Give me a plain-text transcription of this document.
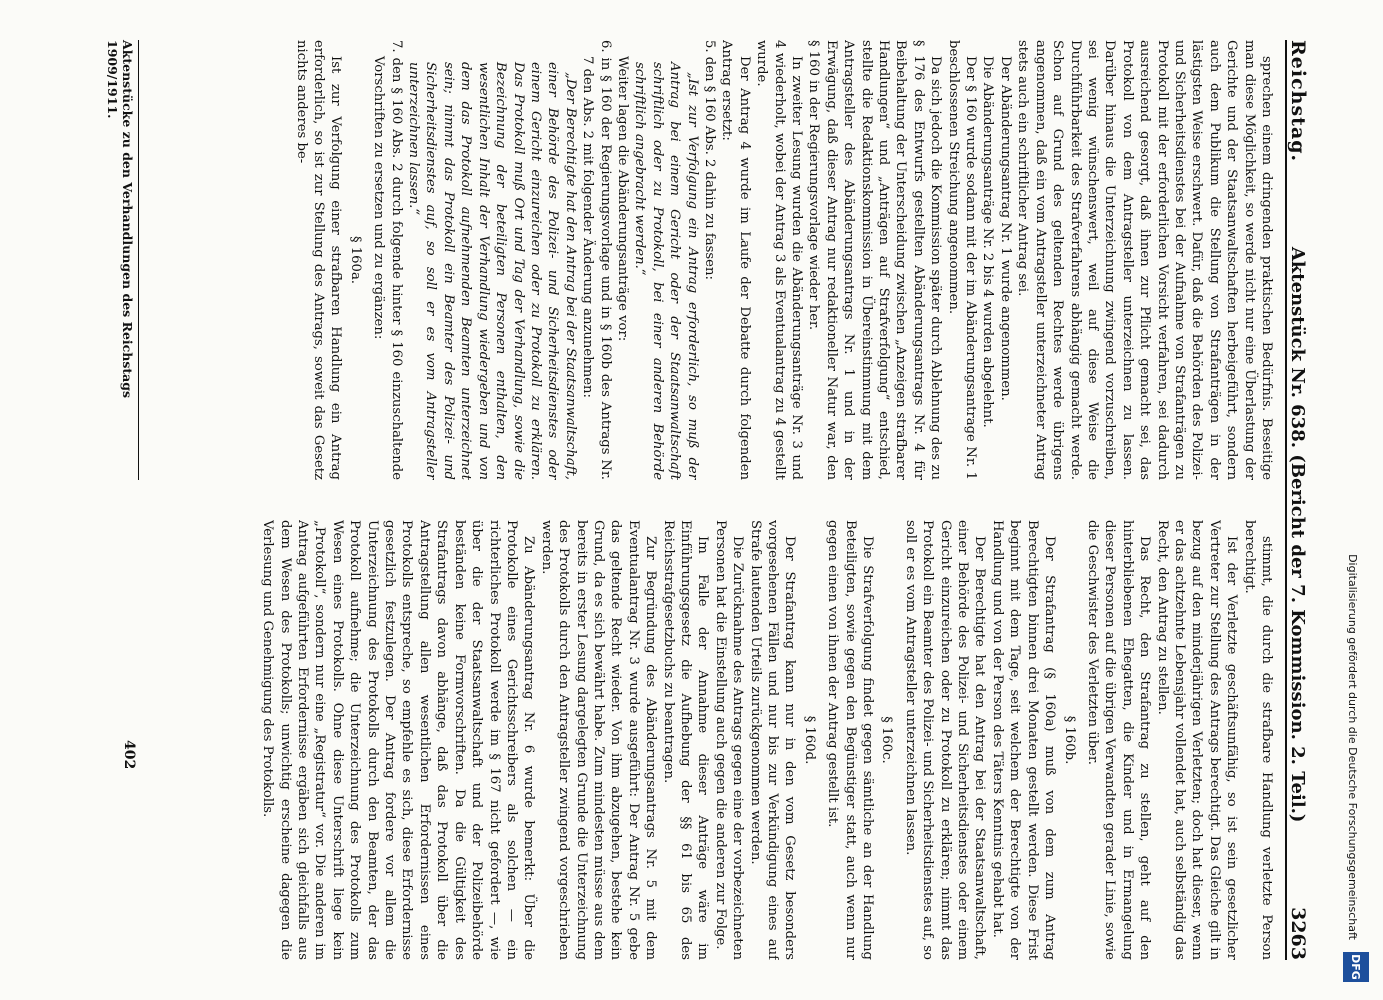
Digitalisierung gefördert durch die Deutsche Forschungsgemeinschaft
DFG
Reichstag.
Aktenstück Nr. 638. (Bericht der 7. Kommission. 2. Teil.)
3263

sprechen einem dringenden praktischen Bedürfnis. Beseitige man diese Möglichkeit, so werde nicht nur eine Überlastung der Gerichte und der Staatsanwaltschaften herbeigeführt, sondern auch dem Publikum die Stellung von Strafanträgen in der lästigsten Weise erschwert. Dafür, daß die Behörden des Polizei- und Sicherheitsdienstes bei der Aufnahme von Strafanträgen zu Protokoll mit der erforderlichen Vorsicht verfahren, sei dadurch ausreichend gesorgt, daß ihnen zur Pflicht gemacht sei, das Protokoll von dem Antragsteller unterzeichnen zu lassen. Darüber hinaus die Unterzeichnung zwingend vorzuschreiben, sei wenig wünschenswert, weil auf diese Weise die Durchführbarkeit des Strafverfahrens abhängig gemacht werde. Schon auf Grund des geltenden Rechtes werde übrigens angenommen, daß ein vom Antragsteller unterzeichneter Antrag stets auch ein schriftlicher Antrag sei.

Der Abänderungsantrag Nr. 1 wurde angenommen.

Die Abänderungsanträge Nr. 2 bis 4 wurden abgelehnt.

Der § 160 wurde sodann mit der im Abänderungsantrage Nr. 1 beschlossenen Streichung angenommen.

Da sich jedoch die Kommission später durch Ablehnung des zu § 176 des Entwurfs gestellten Abänderungsantrags Nr. 4 für Beibehaltung der Unterscheidung zwischen „Anzeigen strafbarer Handlungen“ und „Anträgen auf Strafverfolgung“ entschied, stellte die Redaktionskommission in Übereinstimmung mit dem Antragsteller des Abänderungsantrags Nr. 1 und in der Erwägung, daß dieser Antrag nur redaktioneller Natur war, den § 160 in der Regierungsvorlage wieder her.

In zweiter Lesung wurden die Abänderungsanträge Nr. 3 und 4 wiederholt, wobei der Antrag 3 als Eventualantrag zu 4 gestellt wurde.

Der Antrag 4 wurde im Laufe der Debatte durch folgenden Antrag ersetzt:

5. den § 160 Abs. 2 dahin zu fassen:

„Ist zur Verfolgung ein Antrag erforderlich, so muß der Antrag bei einem Gericht oder der Staatsanwaltschaft schriftlich oder zu Protokoll, bei einer anderen Behörde schriftlich angebracht werden.“

Weiter lagen die Abänderungsanträge vor:

6. in § 160 der Regierungsvorlage und in § 160b des Antrags Nr. 7 den Abs. 2 mit folgender Änderung anzunehmen:

„Der Berechtigte hat den Antrag bei der Staatsanwaltschaft, einer Behörde des Polizei- und Sicherheitsdienstes oder einem Gericht einzureichen oder zu Protokoll zu erklären. Das Protokoll muß Ort und Tag der Verhandlung, sowie die Bezeichnung der beteiligten Personen enthalten, den wesentlichen Inhalt der Verhandlung wiedergeben und von dem das Protokoll aufnehmenden Beamten unterzeichnet sein; nimmt das Protokoll ein Beamter des Polizei- und Sicherheitsdienstes auf, so soll er es vom Antragsteller unterzeichnen lassen.“

7. den § 160 Abs. 2 durch folgende hinter § 160 einzuschaltende Vorschriften zu ersetzen und zu ergänzen:

§ 160a.

Ist zur Verfolgung einer strafbaren Handlung ein Antrag erforderlich, so ist zur Stellung des Antrags, soweit das Gesetz nichts anderes be-

stimmt, die durch die strafbare Handlung verletzte Person berechtigt.

Ist der Verletzte geschäftsunfähig, so ist sein gesetzlicher Vertreter zur Stellung des Antrags berechtigt. Das Gleiche gilt in bezug auf den minderjährigen Verletzten; doch hat dieser, wenn er das achtzehnte Lebensjahr vollendet hat, auch selbständig das Recht, den Antrag zu stellen.

Das Recht, den Strafantrag zu stellen, geht auf den hinterbliebenen Ehegatten, die Kinder und in Ermangelung dieser Personen auf die übrigen Verwandten gerader Linie, sowie die Geschwister des Verletzten über.

§ 160b.

Der Strafantrag (§ 160a) muß von dem zum Antrag Berechtigten binnen drei Monaten gestellt werden. Diese Frist beginnt mit dem Tage, seit welchem der Berechtigte von der Handlung und von der Person des Täters Kenntnis gehabt hat.

Der Berechtigte hat den Antrag bei der Staatsanwaltschaft, einer Behörde des Polizei- und Sicherheitsdienstes oder einem Gericht einzureichen oder zu Protokoll zu erklären; nimmt das Protokoll ein Beamter des Polizei- und Sicherheitsdienstes auf, so soll er es vom Antragsteller unterzeichnen lassen.

§ 160c.

Die Strafverfolgung findet gegen sämtliche an der Handlung Beteiligten, sowie gegen den Begünstiger statt, auch wenn nur gegen einen von ihnen der Antrag gestellt ist.

§ 160d.

Der Strafantrag kann nur in den vom Gesetz besonders vorgesehenen Fällen und nur bis zur Verkündigung eines auf Strafe lautenden Urteils zurückgenommen werden.

Die Zurücknahme des Antrags gegen eine der vorbezeichneten Personen hat die Einstellung auch gegen die anderen zur Folge.

Im Falle der Annahme dieser Anträge wäre im Einführungsgesetz die Aufhebung der §§ 61 bis 65 des Reichsstrafgesetzbuchs zu beantragen.

Zur Begründung des Abänderungsantrags Nr. 5 mit dem Eventualantrag Nr. 3 wurde ausgeführt: Der Antrag Nr. 5 gebe das geltende Recht wieder. Von ihm abzugehen, bestehe kein Grund, da es sich bewährt habe. Zum mindesten müsse aus dem bereits in erster Lesung dargelegten Grunde die Unterzeichnung des Protokolls durch den Antragsteller zwingend vorgeschrieben werden.

Zu Abänderungsantrag Nr. 6 wurde bemerkt: Über die Protokolle eines Gerichtsschreibers als solchen — ein richterliches Protokoll werde im § 167 nicht gefordert —, wie über die der Staatsanwaltschaft und der Polizeibehörde beständen keine Formvorschriften. Da die Gültigkeit des Strafantrags davon abhänge, daß das Protokoll über die Antragstellung allen wesentlichen Erfordernissen eines Protokolls entspreche, so empfehle es sich, diese Erfordernisse gesetzlich festzulegen. Der Antrag fordere vor allem die Unterzeichnung des Protokolls durch den Beamten, der das Protokoll aufnehme; die Unterzeichnung des Protokolls zum Wesen eines Protokolls. Ohne diese Unterschrift liege kein „Protokoll“, sondern nur eine „Registratur“ vor. Die anderen im Antrag aufgeführten Erfordernisse ergäben sich gleichfalls aus dem Wesen des Protokolls; unwichtig erscheine dagegen die Verlesung und Genehmigung des Protokolls.

Aktenstücke zu den Verhandlungen des Reichstags 1909/1911.
402
